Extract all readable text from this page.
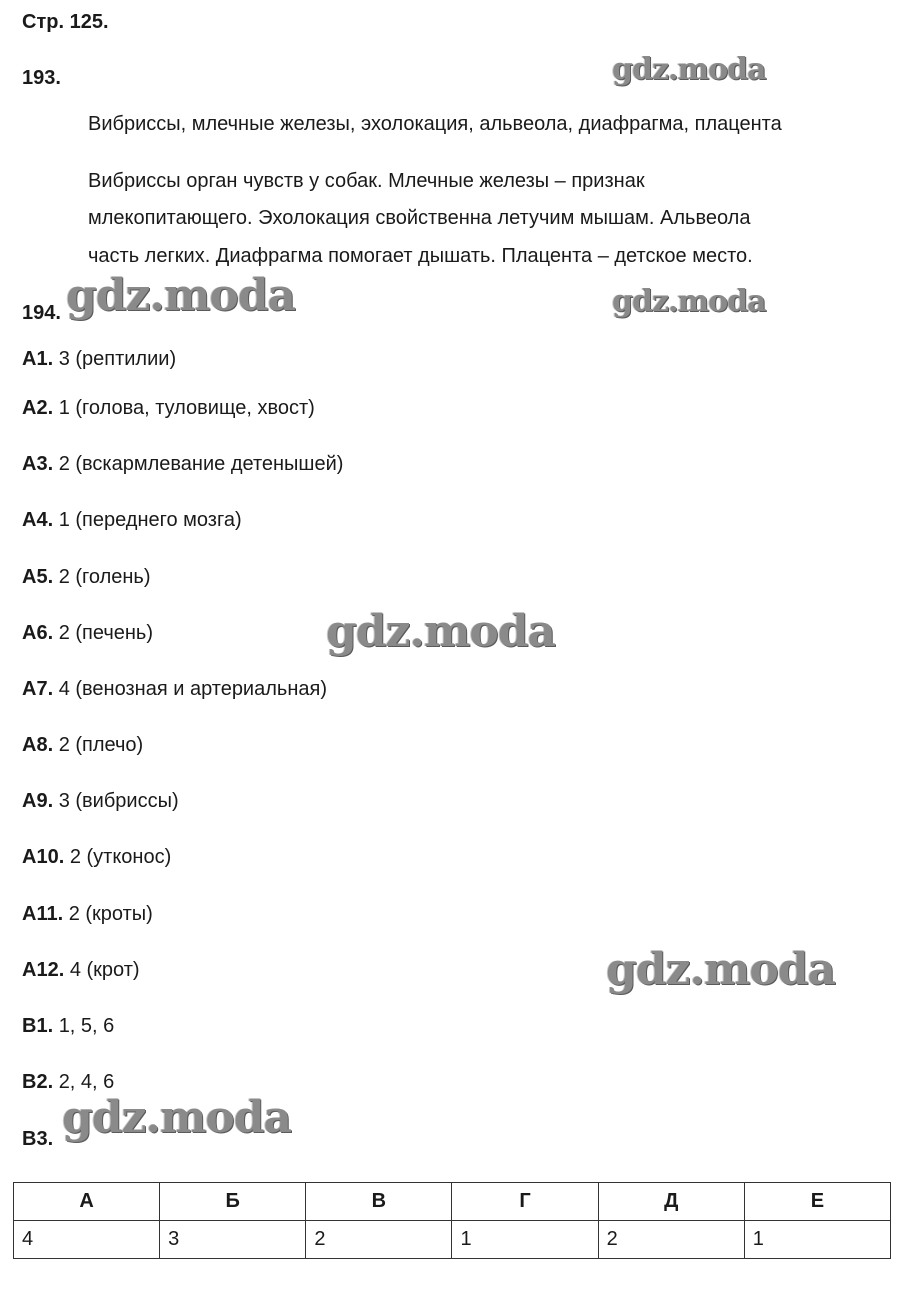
Стр. 125.
193.	gdz.moda
Вибриссы, млечные железы, эхолокация, альвеола, диафрагма, плацента
Вибриссы орган чувств у собак. Млечные железы – признак
млекопитающего. Эхолокация свойственна летучим мышам. Альвеола
часть легких. Диафрагма помогает дышать. Плацента – детское место.
194. gdz.moda	gdz.moda
А1. 3 (рептилии)
А2. 1 (голова, туловище, хвост)
А3. 2 (вскармлевание детенышей)
А4. 1 (переднего мозга)
А5. 2 (голень)
А6. 2 (печень)	gdz.moda
А7. 4 (венозная и артериальная)
А8. 2 (плечо)
А9. 3 (вибриссы)
А10. 2 (утконос)
А11. 2 (кроты)
А12. 4 (крот)	gdz.moda
В1. 1, 5, 6
В2. 2, 4, 6
В3. gdz.moda
А	Б	В	Г	Д	Е
4	3	2	1	2	1
